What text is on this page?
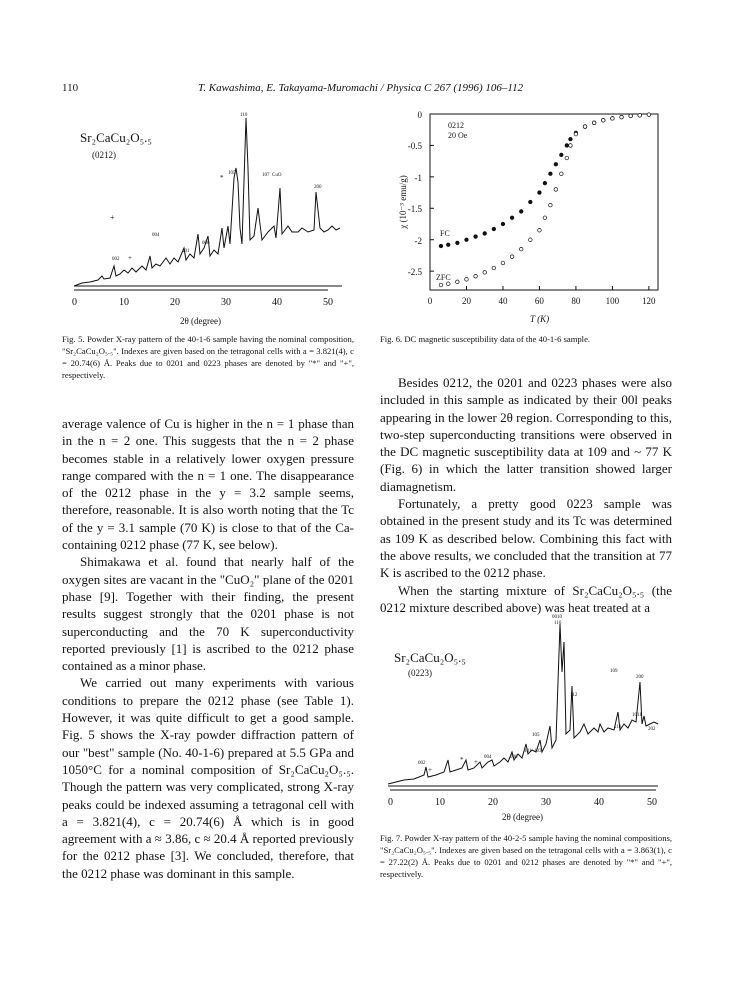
110	T. Kawashima, E. Takayama-Muromachi / Physica C 267 (1996) 106–112
Sr₂CaCu₂O₅.₅
(0212)
0	10	20	30	40	50
2θ (degree)
110
105	107 CuO
200
004
006
101
002
+
+
*
Fig. 5. Powder X-ray pattern of the 40-1-6 sample having the nominal composition, "Sr₂CaCu₂O₅.₅". Indexes are given based on the tetragonal cells with a = 3.821(4), c = 20.74(6) Å. Peaks due to 0201 and 0223 phases are denoted by "*" and "+", respectively.
0
-0.5
-1
-1.5
-2
-2.5
0	20	40	60	80	100	120
T (K)
χ (10⁻³ emu/g)
0212
20 Oe
FC
ZFC
Fig. 6. DC magnetic susceptibility data of the 40-1-6 sample.

average valence of Cu is higher in the n = 1 phase than in the n = 2 one. This suggests that the n = 2 phase becomes stable in a relatively lower oxygen pressure range compared with the n = 1 one. The disappearance of the 0212 phase in the y = 3.2 sample seems, therefore, reasonable. It is also worth noting that the Tc of the y = 3.1 sample (70 K) is close to that of the Ca-containing 0212 phase (77 K, see below).

Shimakawa et al. found that nearly half of the oxygen sites are vacant in the "CuO₂" plane of the 0201 phase [9]. Together with their finding, the present results suggest strongly that the 0201 phase is not superconducting and the 70 K superconductivity reported previously [1] is ascribed to the 0212 phase contained as a minor phase.

We carried out many experiments with various conditions to prepare the 0212 phase (see Table 1). However, it was quite difficult to get a good sample. Fig. 5 shows the X-ray powder diffraction pattern of our "best" sample (No. 40-1-6) prepared at 5.5 GPa and 1050°C for a nominal composition of Sr₂CaCu₂O₅.₅. Though the pattern was very complicated, strong X-ray peaks could be indexed assuming a tetragonal cell with a = 3.821(4), c = 20.74(6) Å which is in good agreement with a ≈ 3.86, c ≈ 20.4 Å reported previously for the 0212 phase [3]. We concluded, therefore, that the 0212 phase was dominant in this sample.

Besides 0212, the 0201 and 0223 phases were also included in this sample as indicated by their 00l peaks appearing in the lower 2θ region. Corresponding to this, two-step superconducting transitions were observed in the DC magnetic susceptibility data at 109 and ~ 77 K (Fig. 6) in which the latter transition showed larger diamagnetism.

Fortunately, a pretty good 0223 sample was obtained in the present study and its Tc was determined as 109 K as described below. Combining this fact with the above results, we concluded that the transition at 77 K is ascribed to the 0212 phase.

When the starting mixture of Sr₂CaCu₂O₅.₅ (the 0212 mixture described above) was heat treated at a

Sr₂CaCu₂O₅.₅
(0223)
0	10	20	30	40	50
2θ (degree)
0010
110
112
109
200
004	006
002
105
101 103
1011
202
118
+
+
*
Fig. 7. Powder X-ray pattern of the 40-2-5 sample having the nominal compositions, "Sr₂CaCu₂O₅.₅". Indexes are given based on the tetragonal cells with a = 3.863(1), c = 27.22(2) Å. Peaks due to 0201 and 0212 phases are denoted by "*" and "+", respectively.
